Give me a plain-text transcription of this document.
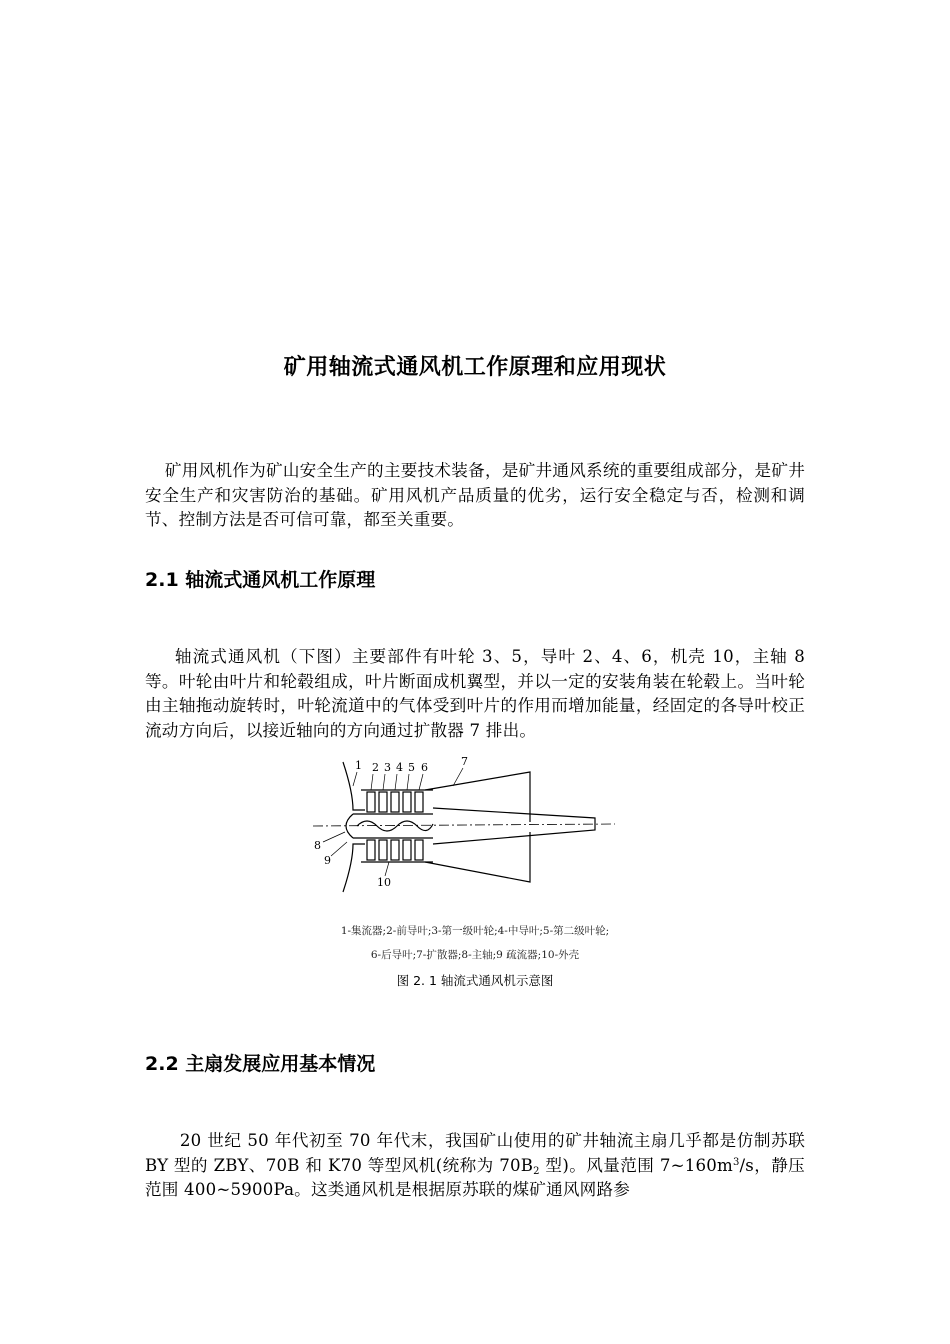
矿用轴流式通风机工作原理和应用现状
矿用风机作为矿山安全生产的主要技术装备，是矿井通风系统的重要组成部分，是矿井安全生产和灾害防治的基础。矿用风机产品质量的优劣，运行安全稳定与否，检测和调节、控制方法是否可信可靠，都至关重要。
2.1 轴流式通风机工作原理
轴流式通风机（下图）主要部件有叶轮 3、5，导叶 2、4、6，机壳 10，主轴 8 等。叶轮由叶片和轮毂组成，叶片断面成机翼型，并以一定的安装角装在轮毂上。当叶轮由主轴拖动旋转时，叶轮流道中的气体受到叶片的作用而增加能量，经固定的各导叶校正流动方向后，以接近轴向的方向通过扩散器 7 排出。
1 2 3 4 5 6	7
8
9
10
1-集流器;2-前导叶;3-第一级叶轮;4-中导叶;5-第二级叶轮;
6-后导叶;7-扩散器;8-主轴;9 疏流器;10-外壳
图 2. 1 轴流式通风机示意图
2.2 主扇发展应用基本情况
20 世纪 50 年代初至 70 年代末，我国矿山使用的矿井轴流主扇几乎都是仿制苏联 BY 型的 ZBY、70B 和 K70 等型风机(统称为 $70B_2$ 型)。风量范围 $7\sim 160m^3/s$，静压范围 400~5900Pa。这类通风机是根据原苏联的煤矿通风网路参
